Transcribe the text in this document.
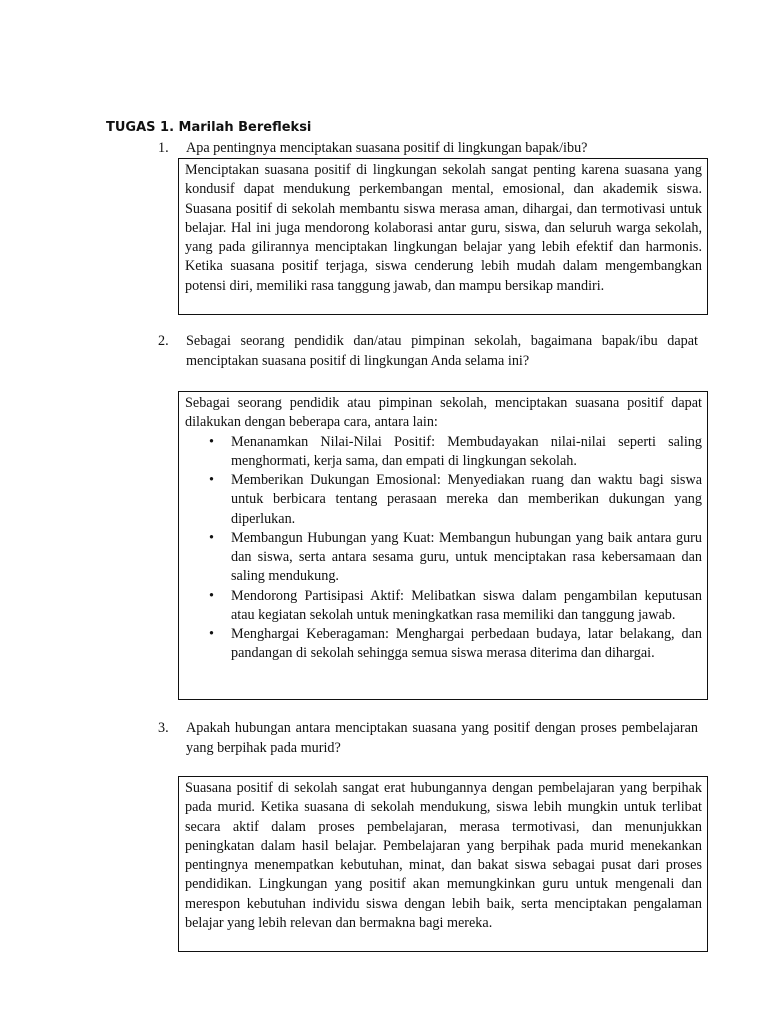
TUGAS 1. Marilah Berefleksi
1. Apa pentingnya menciptakan suasana positif di lingkungan bapak/ibu?
Menciptakan suasana positif di lingkungan sekolah sangat penting karena suasana yang kondusif dapat mendukung perkembangan mental, emosional, dan akademik siswa. Suasana positif di sekolah membantu siswa merasa aman, dihargai, dan termotivasi untuk belajar. Hal ini juga mendorong kolaborasi antar guru, siswa, dan seluruh warga sekolah, yang pada gilirannya menciptakan lingkungan belajar yang lebih efektif dan harmonis. Ketika suasana positif terjaga, siswa cenderung lebih mudah dalam mengembangkan potensi diri, memiliki rasa tanggung jawab, dan mampu bersikap mandiri.
2. Sebagai seorang pendidik dan/atau pimpinan sekolah, bagaimana bapak/ibu dapat menciptakan suasana positif di lingkungan Anda selama ini?
Sebagai seorang pendidik atau pimpinan sekolah, menciptakan suasana positif dapat dilakukan dengan beberapa cara, antara lain:
• Menanamkan Nilai-Nilai Positif: Membudayakan nilai-nilai seperti saling menghormati, kerja sama, dan empati di lingkungan sekolah.
• Memberikan Dukungan Emosional: Menyediakan ruang dan waktu bagi siswa untuk berbicara tentang perasaan mereka dan memberikan dukungan yang diperlukan.
• Membangun Hubungan yang Kuat: Membangun hubungan yang baik antara guru dan siswa, serta antara sesama guru, untuk menciptakan rasa kebersamaan dan saling mendukung.
• Mendorong Partisipasi Aktif: Melibatkan siswa dalam pengambilan keputusan atau kegiatan sekolah untuk meningkatkan rasa memiliki dan tanggung jawab.
• Menghargai Keberagaman: Menghargai perbedaan budaya, latar belakang, dan pandangan di sekolah sehingga semua siswa merasa diterima dan dihargai.
3. Apakah hubungan antara menciptakan suasana yang positif dengan proses pembelajaran yang berpihak pada murid?
Suasana positif di sekolah sangat erat hubungannya dengan pembelajaran yang berpihak pada murid. Ketika suasana di sekolah mendukung, siswa lebih mungkin untuk terlibat secara aktif dalam proses pembelajaran, merasa termotivasi, dan menunjukkan peningkatan dalam hasil belajar. Pembelajaran yang berpihak pada murid menekankan pentingnya menempatkan kebutuhan, minat, dan bakat siswa sebagai pusat dari proses pendidikan. Lingkungan yang positif akan memungkinkan guru untuk mengenali dan merespon kebutuhan individu siswa dengan lebih baik, serta menciptakan pengalaman belajar yang lebih relevan dan bermakna bagi mereka.
